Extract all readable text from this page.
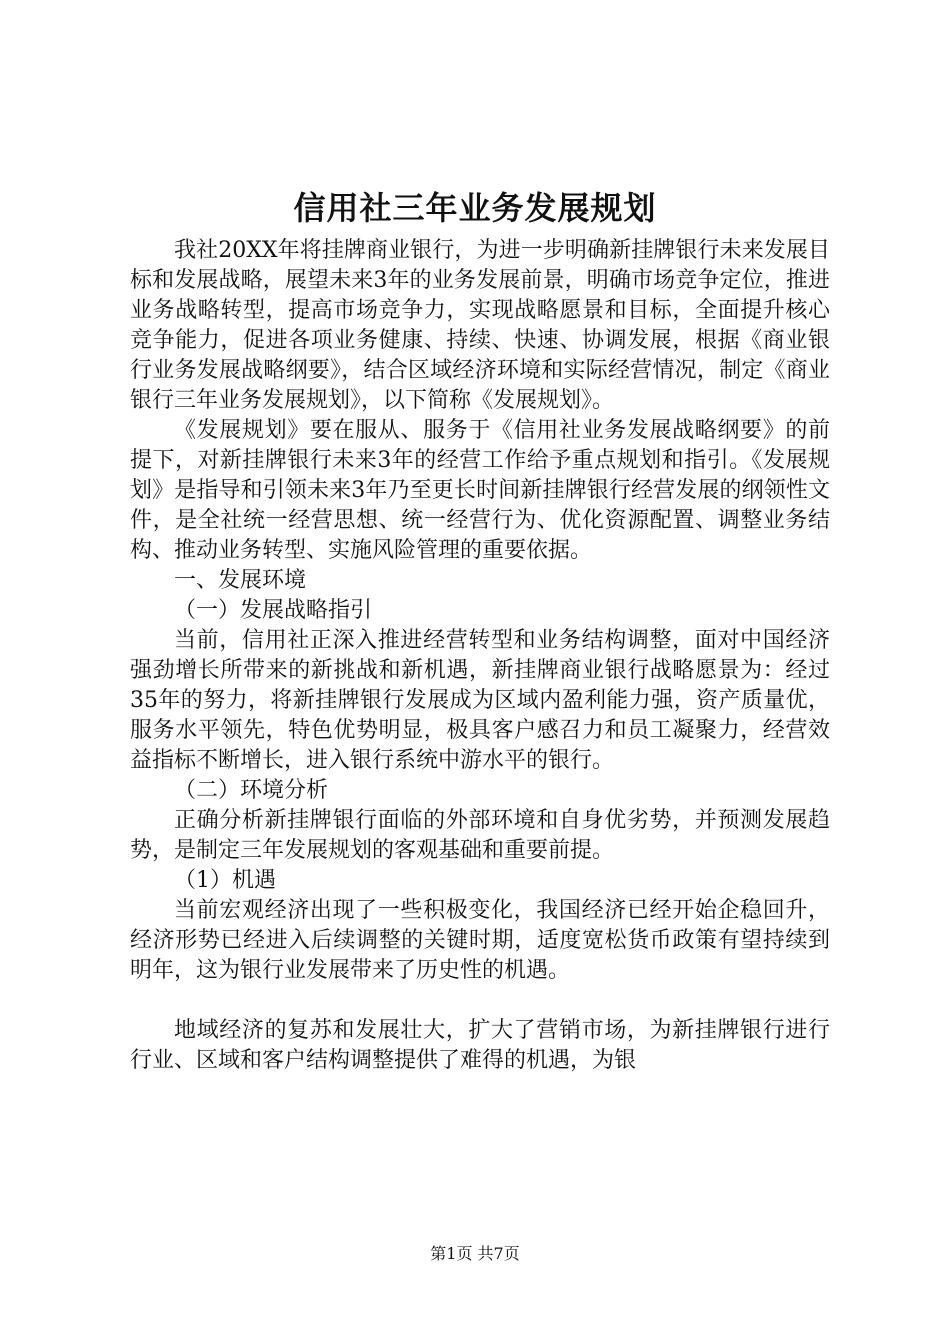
信用社三年业务发展规划

我社20XX年将挂牌商业银行，为进一步明确新挂牌银行未来发展目标和发展战略，展望未来3年的业务发展前景，明确市场竞争定位，推进业务战略转型，提高市场竞争力，实现战略愿景和目标，全面提升核心竞争能力，促进各项业务健康、持续、快速、协调发展，根据《商业银行业务发展战略纲要》，结合区域经济环境和实际经营情况，制定《商业银行三年业务发展规划》，以下简称《发展规划》。

《发展规划》要在服从、服务于《信用社业务发展战略纲要》的前提下，对新挂牌银行未来3年的经营工作给予重点规划和指引。《发展规划》是指导和引领未来3年乃至更长时间新挂牌银行经营发展的纲领性文件，是全社统一经营思想、统一经营行为、优化资源配置、调整业务结构、推动业务转型、实施风险管理的重要依据。

一、发展环境

（一）发展战略指引

当前，信用社正深入推进经营转型和业务结构调整，面对中国经济强劲增长所带来的新挑战和新机遇，新挂牌商业银行战略愿景为：经过35年的努力，将新挂牌银行发展成为区域内盈利能力强，资产质量优，服务水平领先，特色优势明显，极具客户感召力和员工凝聚力，经营效益指标不断增长，进入银行系统中游水平的银行。

（二）环境分析

正确分析新挂牌银行面临的外部环境和自身优劣势，并预测发展趋势，是制定三年发展规划的客观基础和重要前提。

（1）机遇

当前宏观经济出现了一些积极变化，我国经济已经开始企稳回升，经济形势已经进入后续调整的关键时期，适度宽松货币政策有望持续到明年，这为银行业发展带来了历史性的机遇。

地域经济的复苏和发展壮大，扩大了营销市场，为新挂牌银行进行行业、区域和客户结构调整提供了难得的机遇，为银

第1页 共7页
